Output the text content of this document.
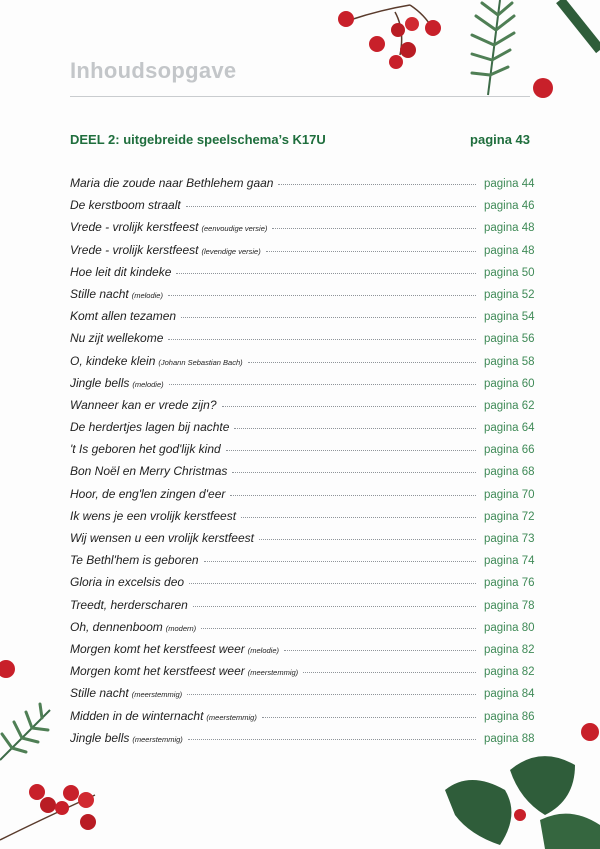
Inhoudsopgave
DEEL 2: uitgebreide speelschema’s K17U	pagina 43
Maria die zoude naar Bethlehem gaan	pagina 44
De kerstboom straalt	pagina 46
Vrede - vrolijk kerstfeest (eenvoudige versie)	pagina 48
Vrede - vrolijk kerstfeest (levendige versie)	pagina 48
Hoe leit dit kindeke	pagina 50
Stille nacht (melodie)	pagina 52
Komt allen tezamen	pagina 54
Nu zijt wellekome	pagina 56
O, kindeke klein (Johann Sebastian Bach)	pagina 58
Jingle bells (melodie)	pagina 60
Wanneer kan er vrede zijn?	pagina 62
De herdertjes lagen bij nachte	pagina 64
't Is geboren het god'lijk kind	pagina 66
Bon Noël en Merry Christmas	pagina 68
Hoor, de eng'len zingen d'eer	pagina 70
Ik wens je een vrolijk kerstfeest	pagina 72
Wij wensen u een vrolijk kerstfeest	pagina 73
Te Bethl'hem is geboren	pagina 74
Gloria in excelsis deo	pagina 76
Treedt, herderscharen	pagina 78
Oh, dennenboom (modern)	pagina 80
Morgen komt het kerstfeest weer (melodie)	pagina 82
Morgen komt het kerstfeest weer (meerstemmig)	pagina 82
Stille nacht (meerstemmig)	pagina 84
Midden in de winternacht (meerstemmig)	pagina 86
Jingle bells (meerstemmig)	pagina 88
